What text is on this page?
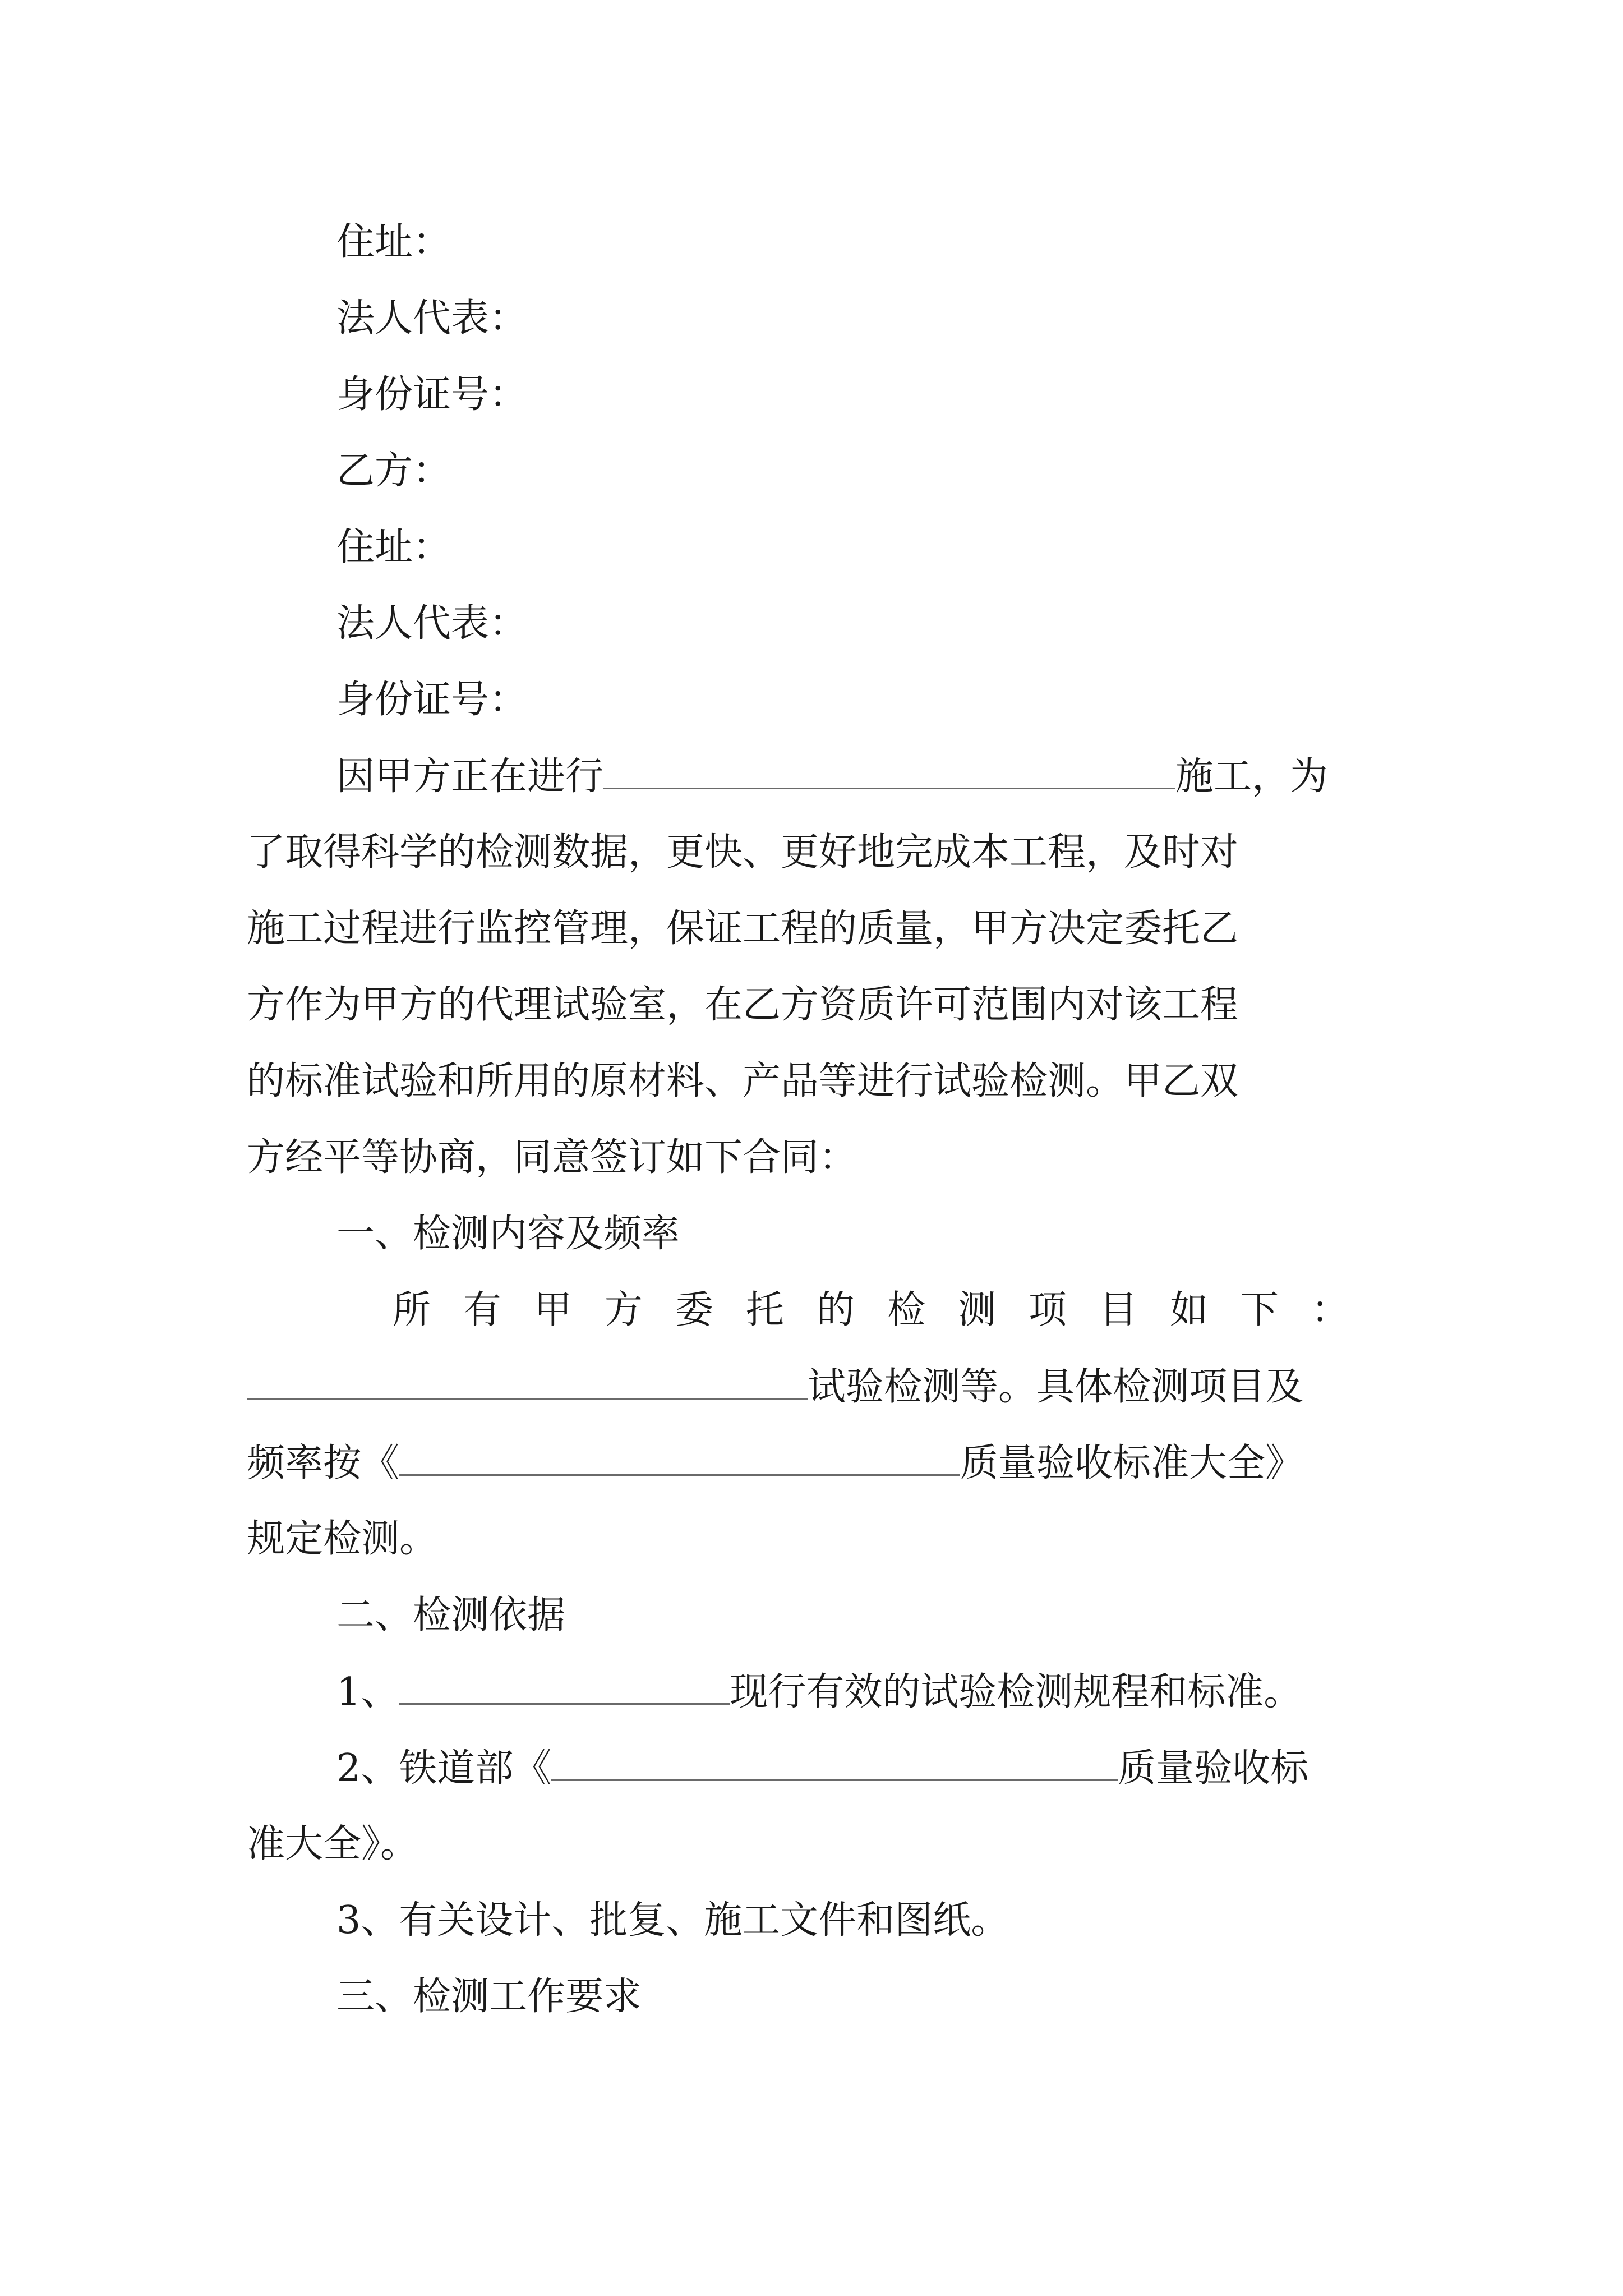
住址：
法人代表：
身份证号：
乙方：
住址：
法人代表：
身份证号：
因甲方正在进行	施工，为
了取得科学的检测数据，更快、更好地完成本工程，及时对
施工过程进行监控管理，保证工程的质量，甲方决定委托乙
方作为甲方的代理试验室，在乙方资质许可范围内对该工程
的标准试验和所用的原材料、产品等进行试验检测。甲乙双
方经平等协商，同意签订如下合同：
一、检测内容及频率
所有甲方委托的检测项目如下：
试验检测等。具体检测项目及
频率按《	质量验收标准大全》
规定检测。
二、检测依据
1、	现行有效的试验检测规程和标准。
2、铁道部《	质量验收标
准大全》。
3、有关设计、批复、施工文件和图纸。
三、检测工作要求
